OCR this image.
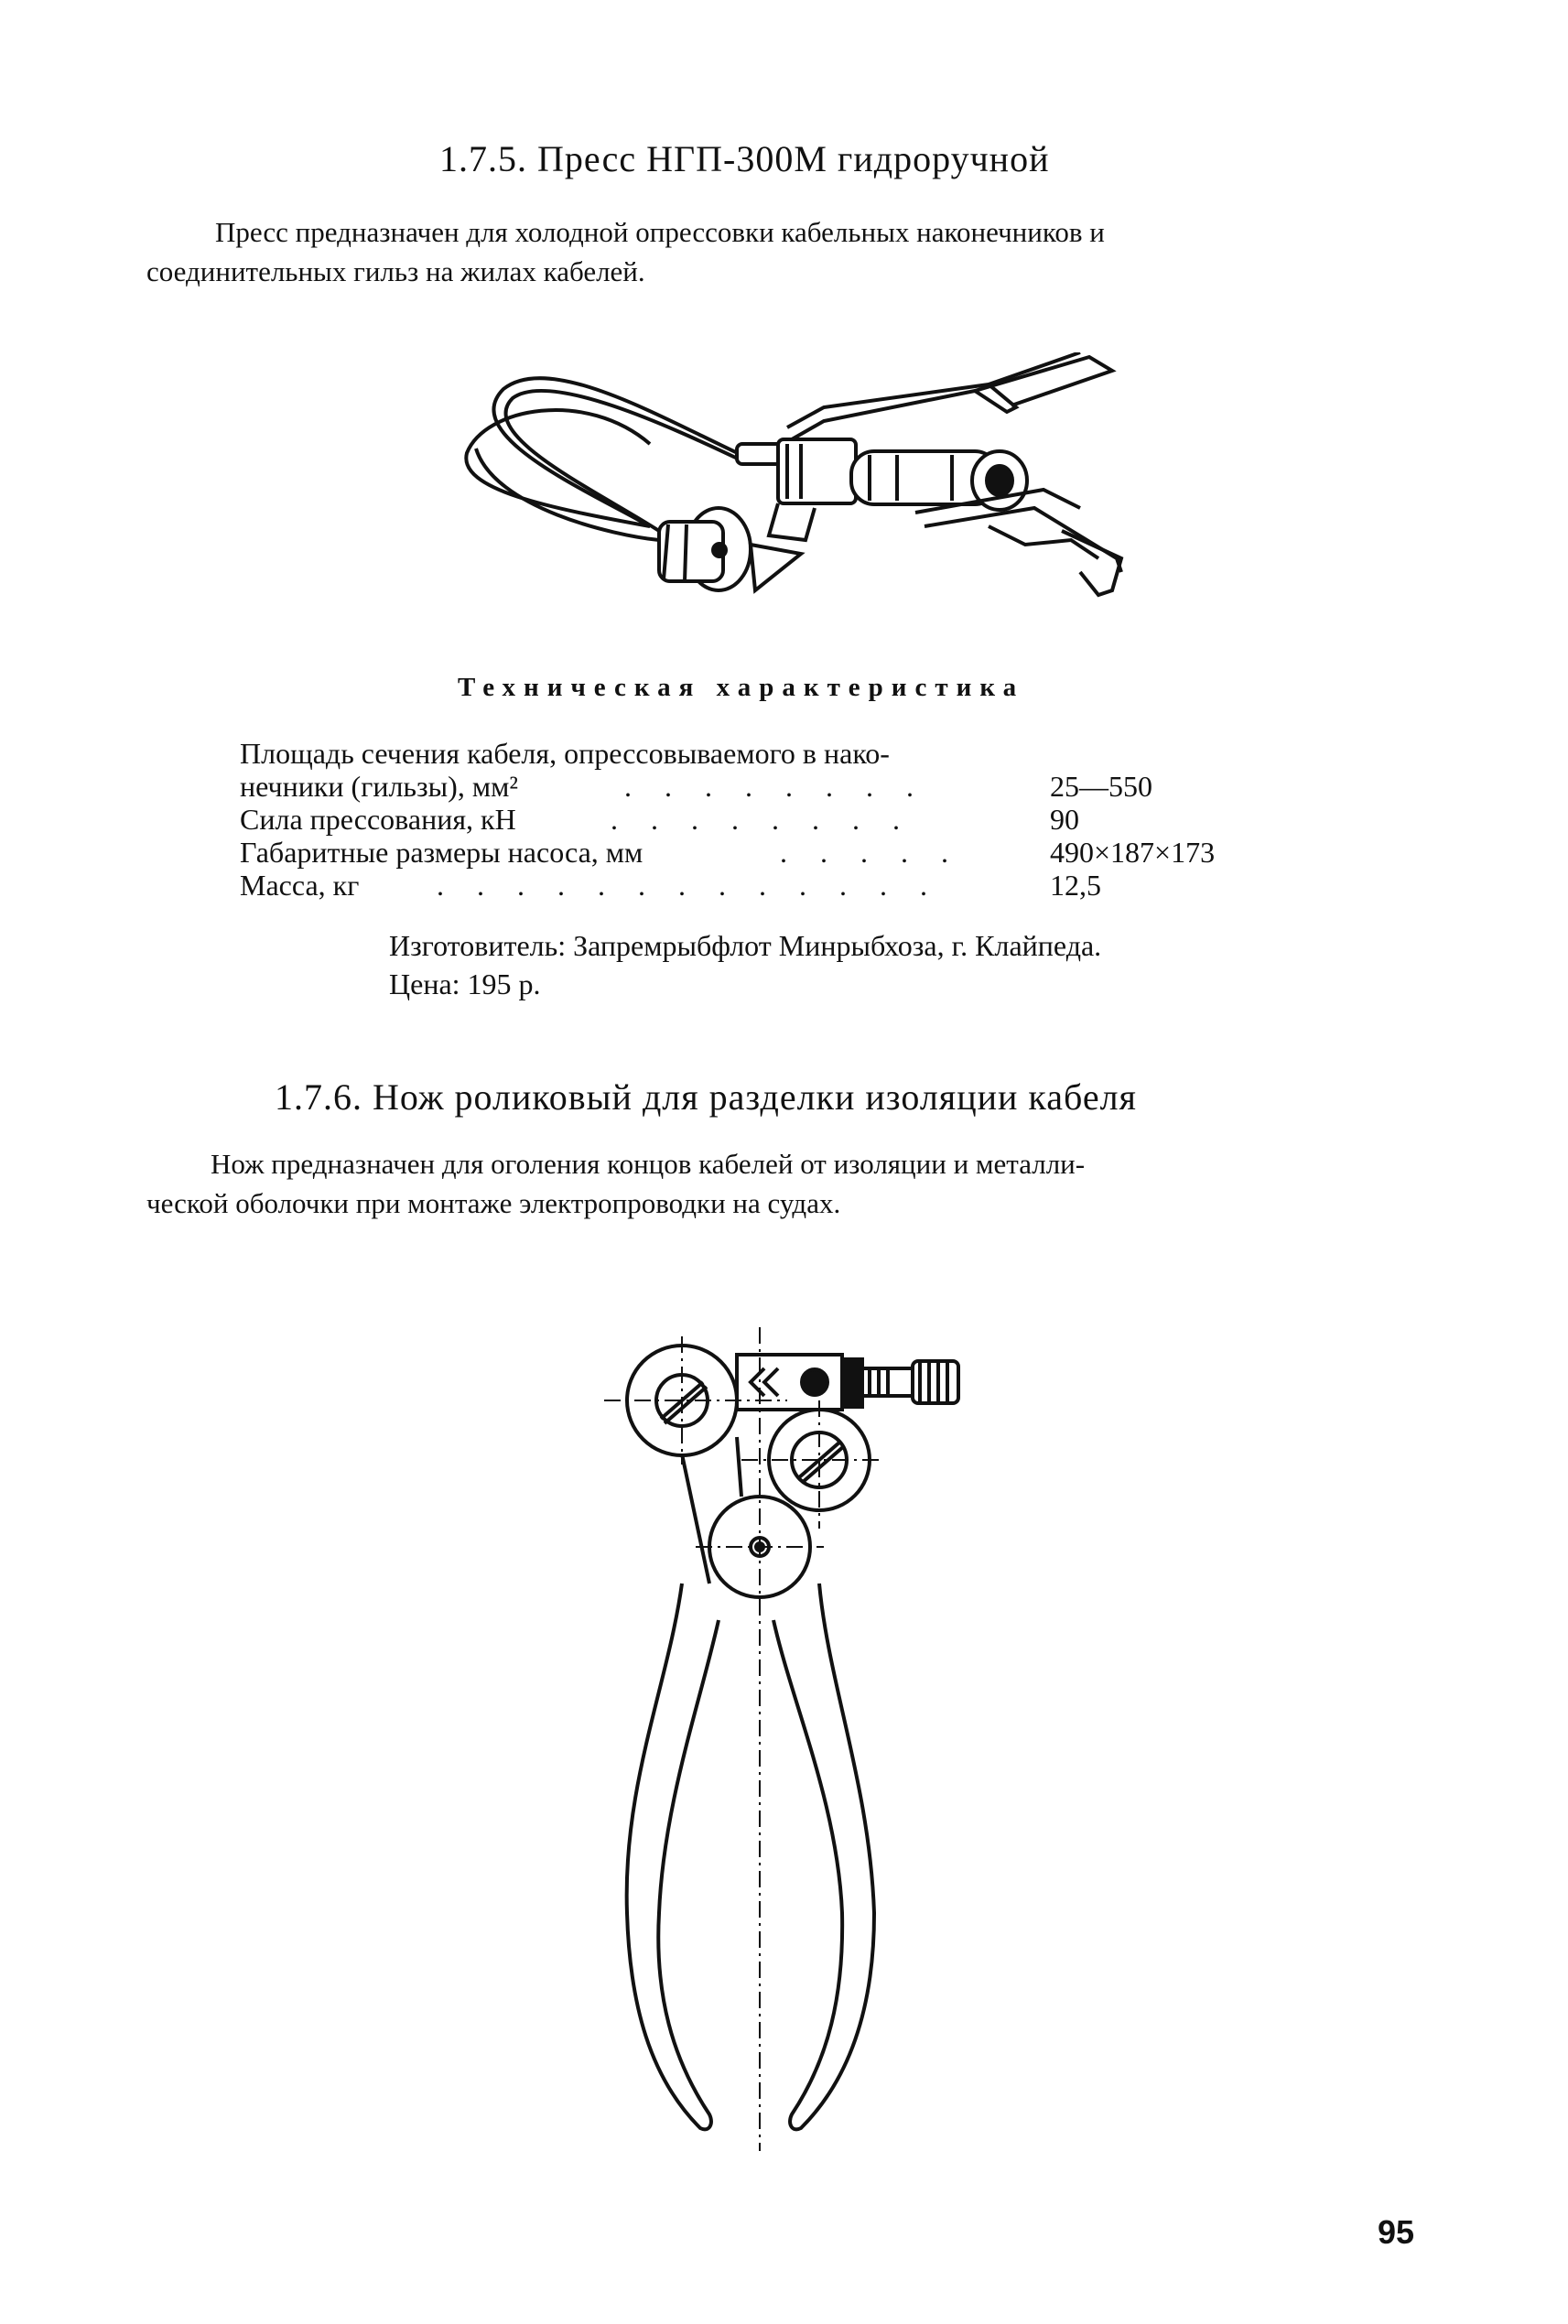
1.7.5. Пресс НГП-300М гидроручной
Пресс предназначен для холодной опрессовки кабельных наконечников и
соединительных гильз на жилах кабелей.
Техническая характеристика
Площадь сечения кабеля, опрессовываемого в нако-
нечники (гильзы), мм²	. . . . . . . .	25—550
Сила прессования, кН	. . . . . . . .	90
Габаритные размеры насоса, мм	. . . . .	490×187×173
Масса, кг	. . . . . . . . . . . . .	12,5
Изготовитель: Запремрыбфлот Минрыбхоза, г. Клайпеда.
Цена: 195 р.
1.7.6. Нож роликовый для разделки изоляции кабеля
Нож предназначен для оголения концов кабелей от изоляции и металли-
ческой оболочки при монтаже электропроводки на судах.
95
